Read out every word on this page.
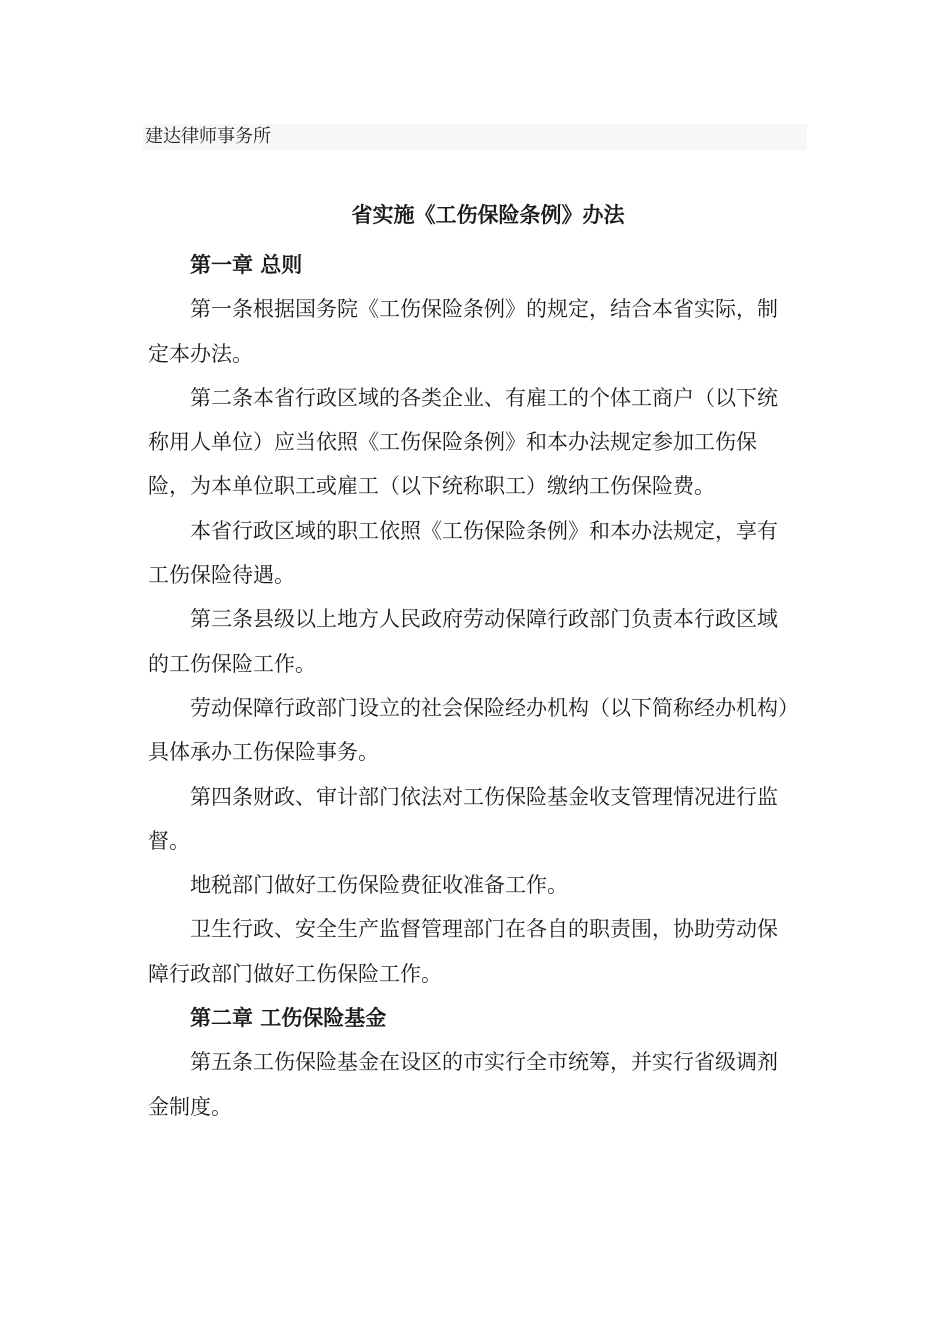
建达律师事务所
省实施《工伤保险条例》办法

第一章 总则

第一条根据国务院《工伤保险条例》的规定，结合本省实际，制定本办法。

第二条本省行政区域的各类企业、有雇工的个体工商户（以下统称用人单位）应当依照《工伤保险条例》和本办法规定参加工伤保险，为本单位职工或雇工（以下统称职工）缴纳工伤保险费。

本省行政区域的职工依照《工伤保险条例》和本办法规定，享有工伤保险待遇。

第三条县级以上地方人民政府劳动保障行政部门负责本行政区域的工伤保险工作。

劳动保障行政部门设立的社会保险经办机构（以下简称经办机构）具体承办工伤保险事务。

第四条财政、审计部门依法对工伤保险基金收支管理情况进行监督。

地税部门做好工伤保险费征收准备工作。

卫生行政、安全生产监督管理部门在各自的职责围，协助劳动保障行政部门做好工伤保险工作。

第二章 工伤保险基金

第五条工伤保险基金在设区的市实行全市统筹，并实行省级调剂金制度。
